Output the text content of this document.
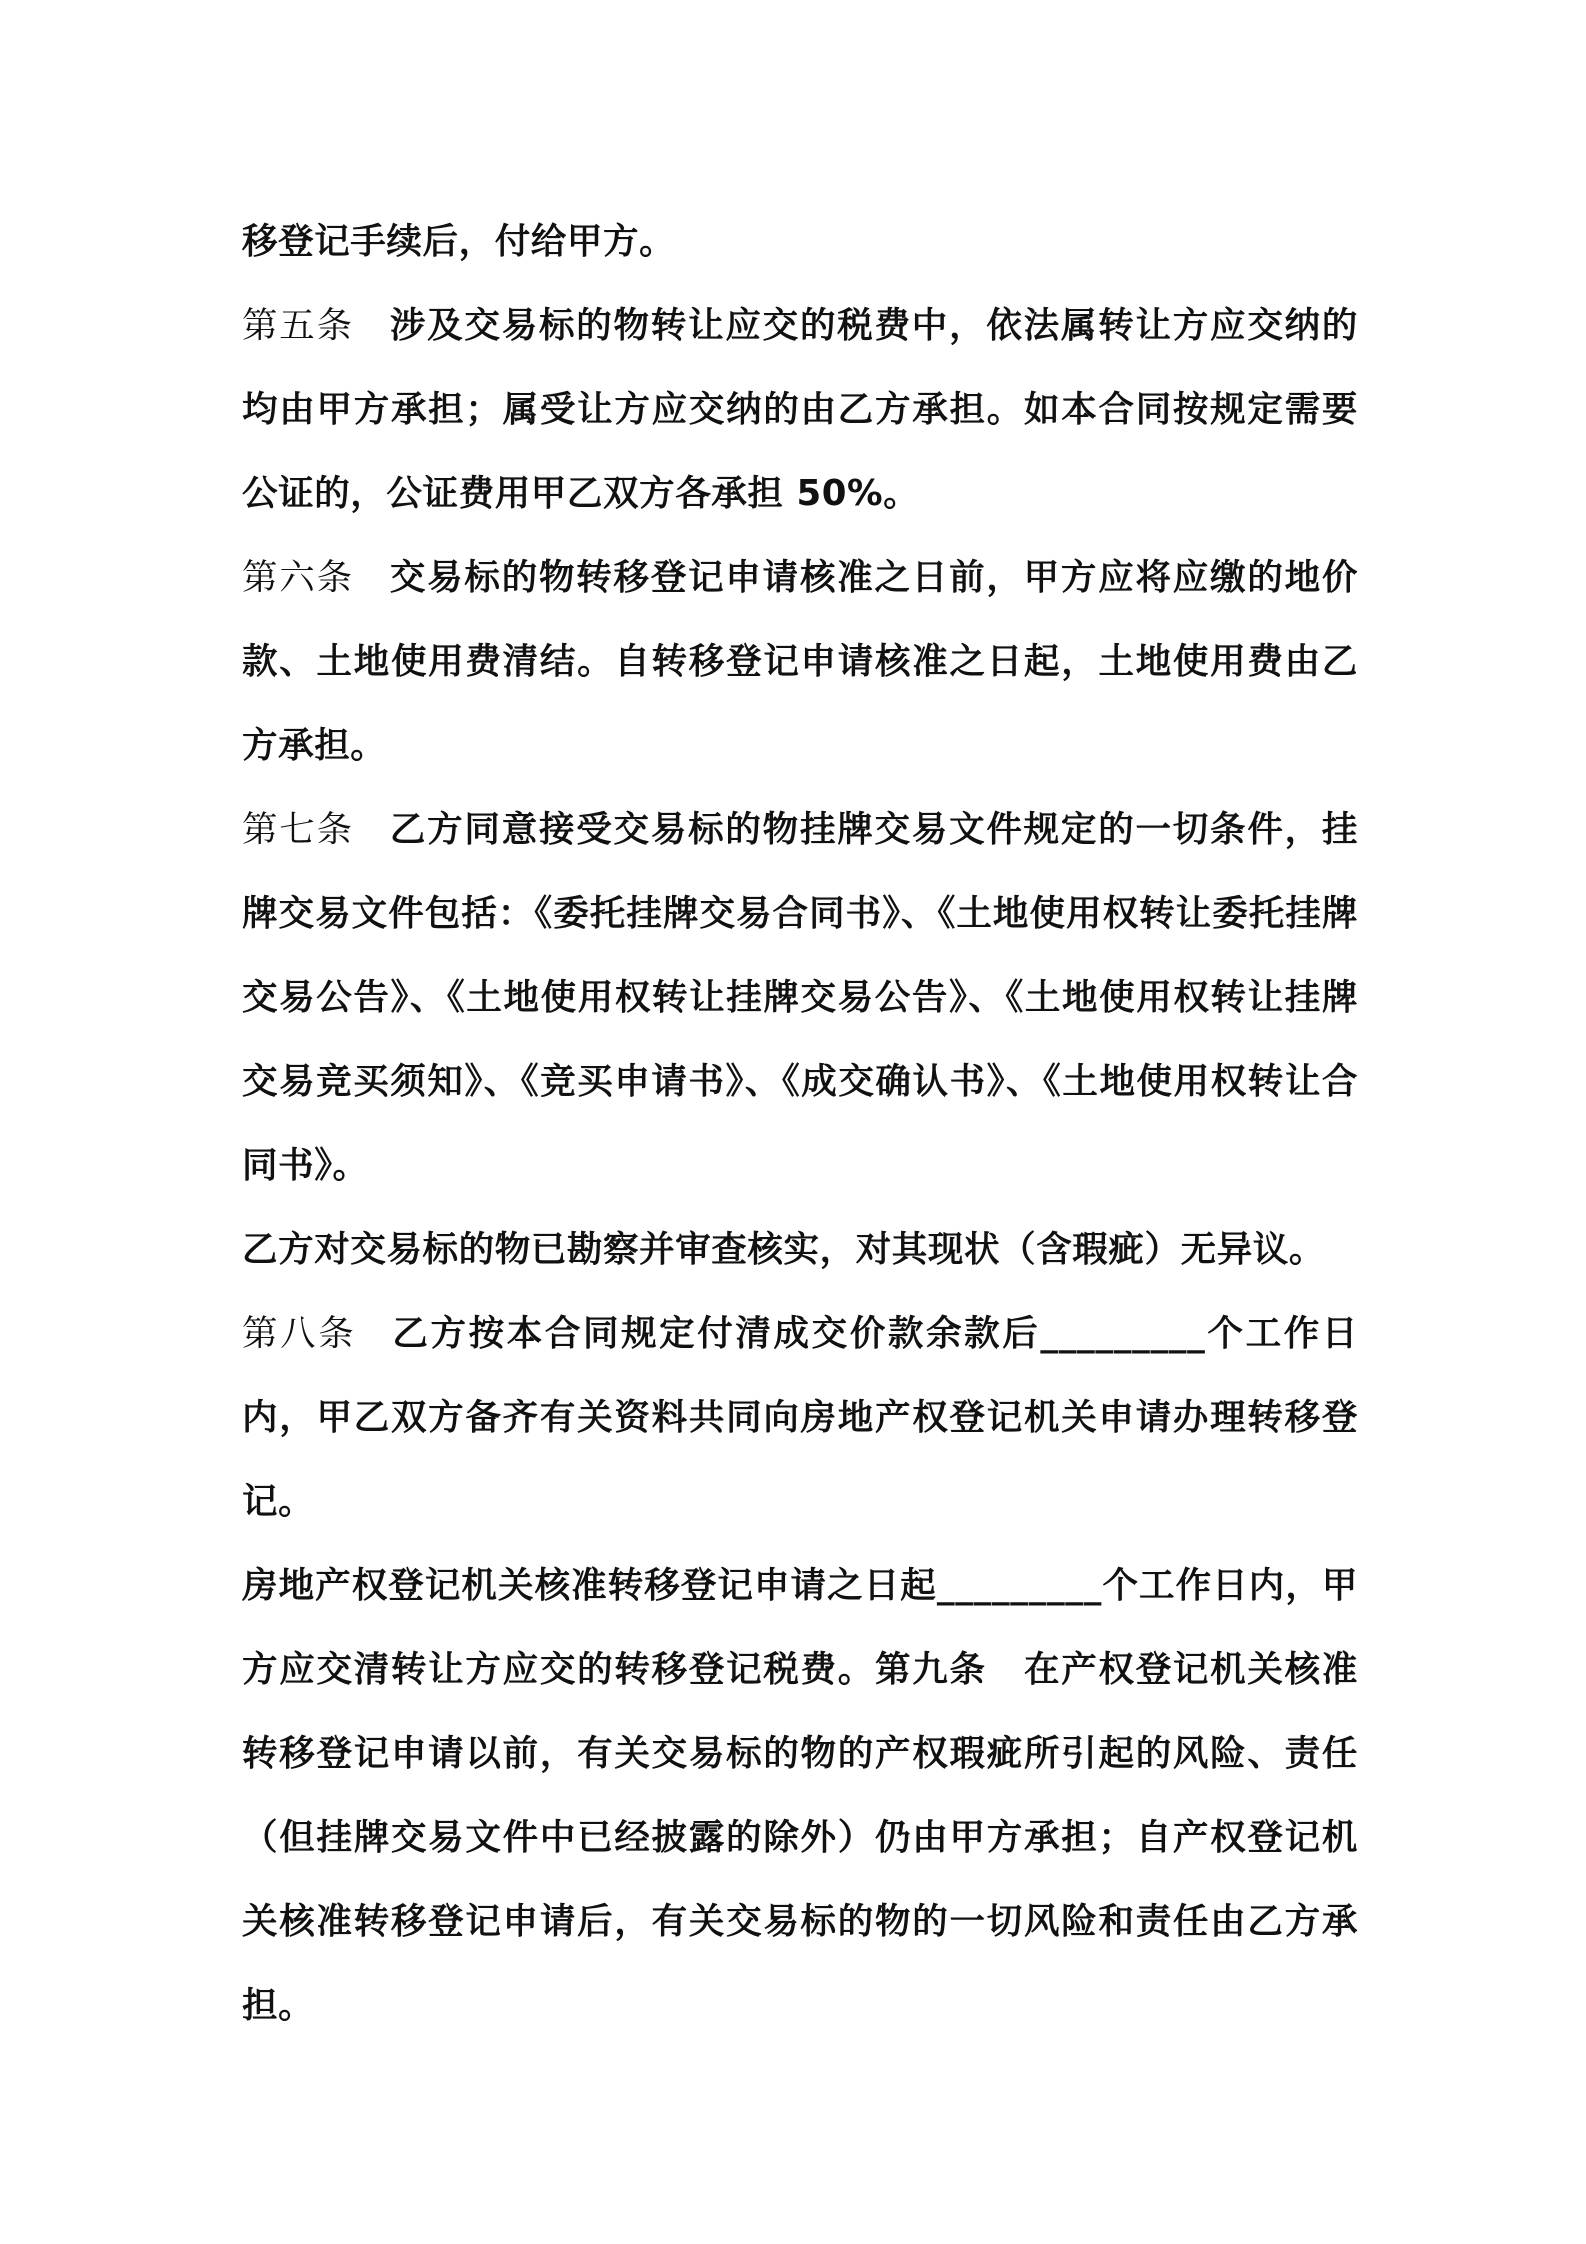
移登记手续后，付给甲方。

第五条 涉及交易标的物转让应交的税费中，依法属转让方应交纳的均由甲方承担；属受让方应交纳的由乙方承担。如本合同按规定需要公证的，公证费用甲乙双方各承担 50%。

第六条 交易标的物转移登记申请核准之日前，甲方应将应缴的地价款、土地使用费清结。自转移登记申请核准之日起，土地使用费由乙方承担。

第七条 乙方同意接受交易标的物挂牌交易文件规定的一切条件，挂牌交易文件包括：《委托挂牌交易合同书》、《土地使用权转让委托挂牌交易公告》、《土地使用权转让挂牌交易公告》、《土地使用权转让挂牌交易竞买须知》、《竞买申请书》、《成交确认书》、《土地使用权转让合同书》。

乙方对交易标的物已勘察并审查核实，对其现状（含瑕疵）无异议。

第八条 乙方按本合同规定付清成交价款余款后_________个工作日内，甲乙双方备齐有关资料共同向房地产权登记机关申请办理转移登记。

房地产权登记机关核准转移登记申请之日起_________个工作日内，甲方应交清转让方应交的转移登记税费。第九条　在产权登记机关核准转移登记申请以前，有关交易标的物的产权瑕疵所引起的风险、责任（但挂牌交易文件中已经披露的除外）仍由甲方承担；自产权登记机关核准转移登记申请后，有关交易标的物的一切风险和责任由乙方承担。
